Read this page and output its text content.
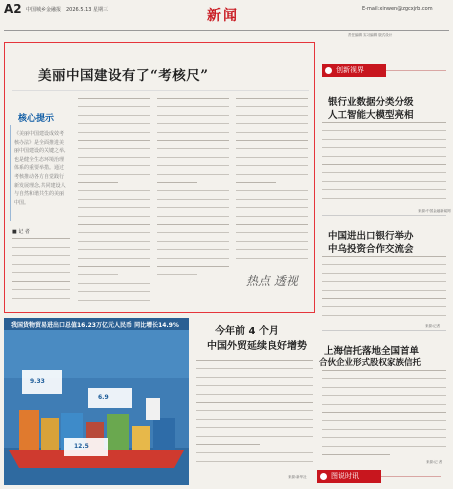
A2 中国城乡金融报 2026.5.13 星期三	新闻	E-mail:xinwen@zgcxjrb.com
责任编辑 实习编辑 版式设计
美丽中国建设有了“考核尺”
核心提示
《美丽中国建设成效考核办法》是全面推进美丽中国建设的关键之举,也是健全生态环境治理体系的重要举措。通过考核推动各方自觉践行新发展理念,共同建设人与自然和谐共生的美丽中国。
■ 记 者
热点 透视
创新视界
银行业数据分类分级
人工智能大模型亮相
来源:中国金融新闻网
中国进出口银行举办
中乌投资合作交流会
来源:记者
上海信托落地全国首单
合伙企业形式股权家族信托
来源:记 者
图说时讯
我国货物贸易进出口总值16.23万亿元人民币 同比增长14.9%
9.33
6.9
12.5
今年前 4 个月
中国外贸延续良好增势
来源:新华社
